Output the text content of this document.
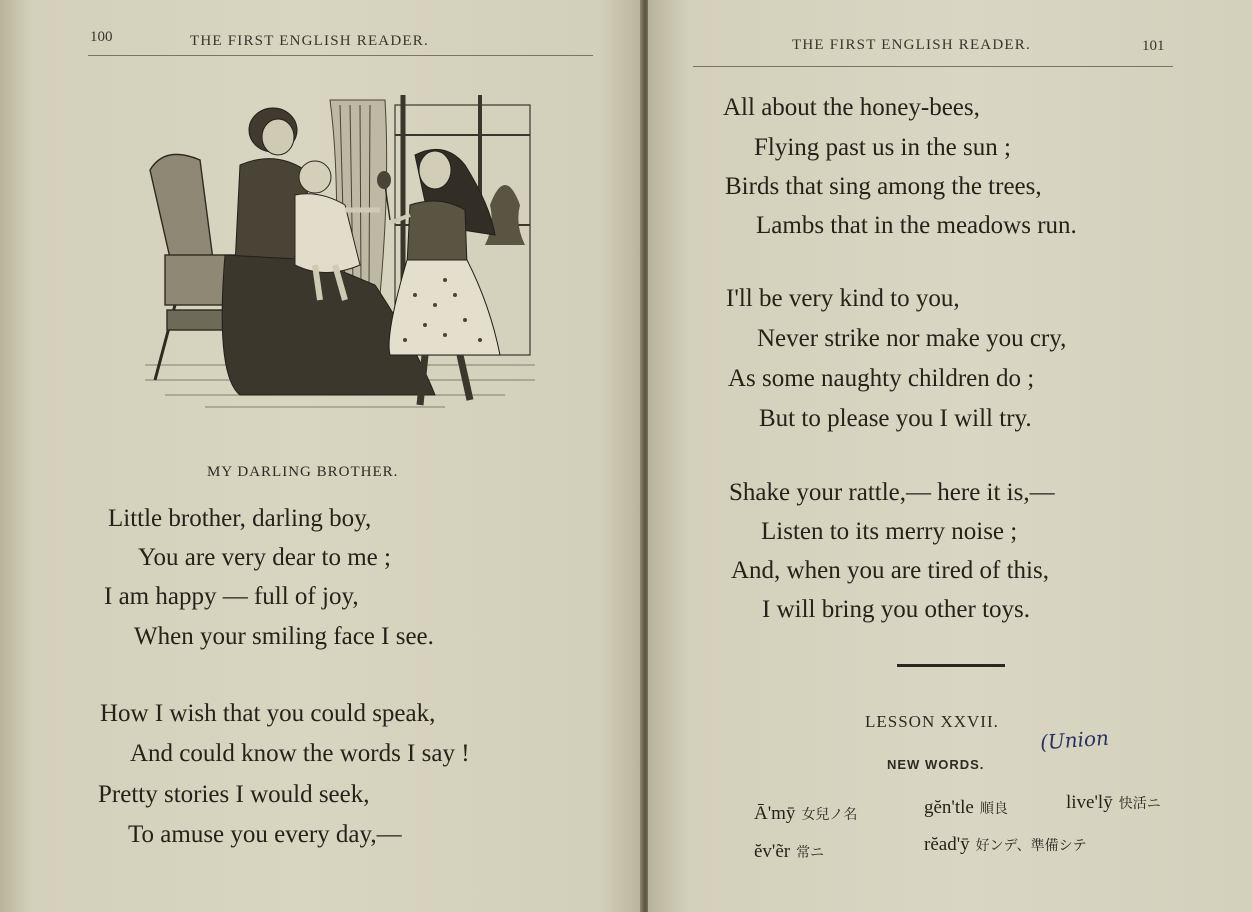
100	THE FIRST ENGLISH READER.
MY DARLING BROTHER.
Little brother, darling boy,
You are very dear to me ;
I am happy — full of joy,
When your smiling face I see.
How I wish that you could speak,
And could know the words I say !
Pretty stories I would seek,
To amuse you every day,—
THE FIRST ENGLISH READER.	101
All about the honey-bees,
Flying past us in the sun ;
Birds that sing among the trees,
Lambs that in the meadows run.
I'll be very kind to you,
Never strike nor make you cry,
As some naughty children do ;
But to please you I will try.
Shake your rattle,— here it is,—
Listen to its merry noise ;
And, when you are tired of this,
I will bring you other toys.
LESSON XXVII.
NEW WORDS.
(Union
Ā'mȳ 女兒ノ名	gĕn'tle 順良	live'lȳ 快活ニ
ĕv'ẽr 常ニ	rĕad'ȳ 好ンデ、準備シテ
